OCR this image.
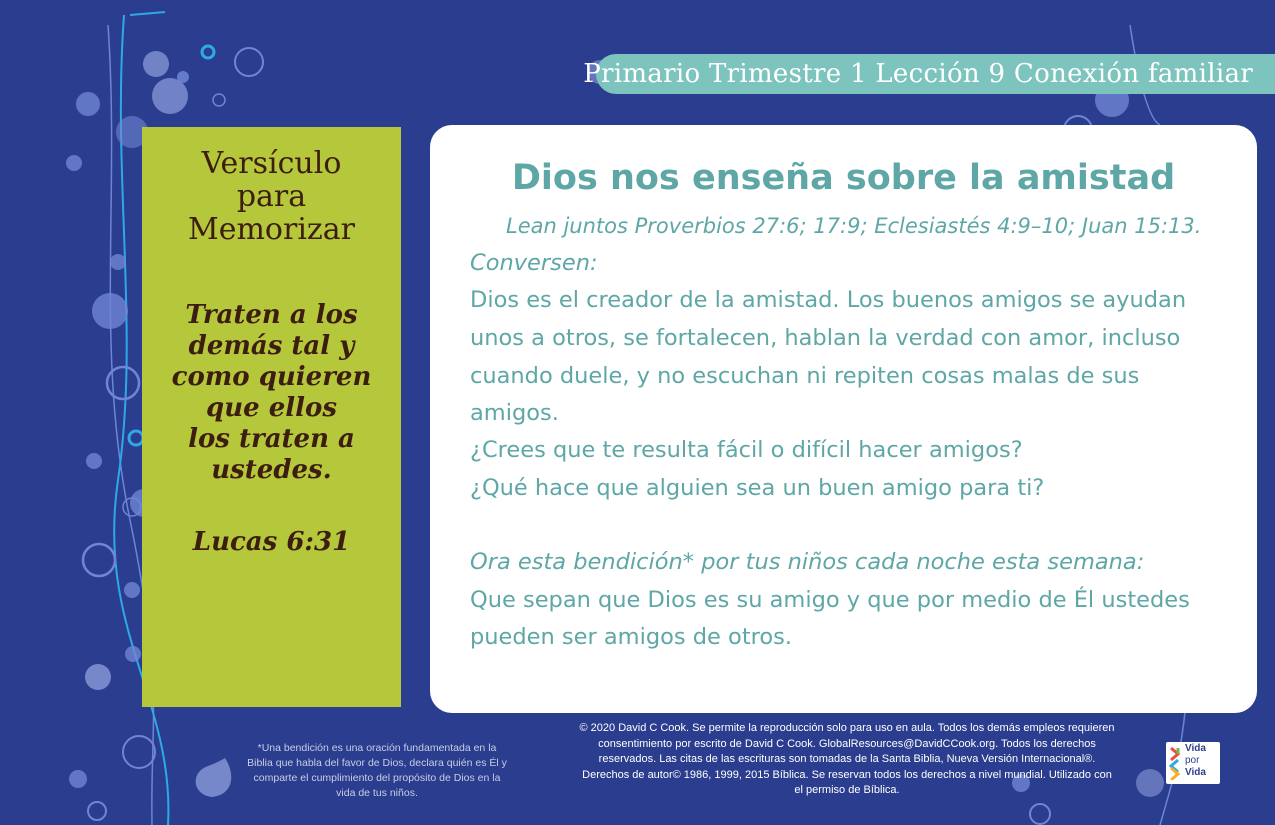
Primario Trimestre 1 Lección 9 Conexión familiar
Versículo
para
Memorizar
Traten a los
demás tal y
como quieren
que ellos
los traten a
ustedes.
Lucas 6:31
Dios nos enseña sobre la amistad
Lean juntos Proverbios 27:6; 17:9; Eclesiastés 4:9–10; Juan 15:13.
Conversen:
Dios es el creador de la amistad. Los buenos amigos se ayudan
unos a otros, se fortalecen, hablan la verdad con amor, incluso
cuando duele, y no escuchan ni repiten cosas malas de sus
amigos.
¿Crees que te resulta fácil o difícil hacer amigos?
¿Qué hace que alguien sea un buen amigo para ti?
Ora esta bendición* por tus niños cada noche esta semana:
Que sepan que Dios es su amigo y que por medio de Él ustedes
pueden ser amigos de otros.
*Una bendición es una oración fundamentada en la
Biblia que habla del favor de Dios, declara quién es Él y
comparte el cumplimiento del propósito de Dios en la
vida de tus niños.
© 2020 David C Cook. Se permite la reproducción solo para uso en aula. Todos los demás empleos requieren
consentimiento por escrito de David C Cook. GlobalResources@DavidCCook.org. Todos los derechos
reservados. Las citas de las escrituras son tomadas de la Santa Biblia, Nueva Versión Internacional®.
Derechos de autor© 1986, 1999, 2015 Bíblica. Se reservan todos los derechos a nivel mundial. Utilizado con
el permiso de Bíblica.
Vida
por
Vida
